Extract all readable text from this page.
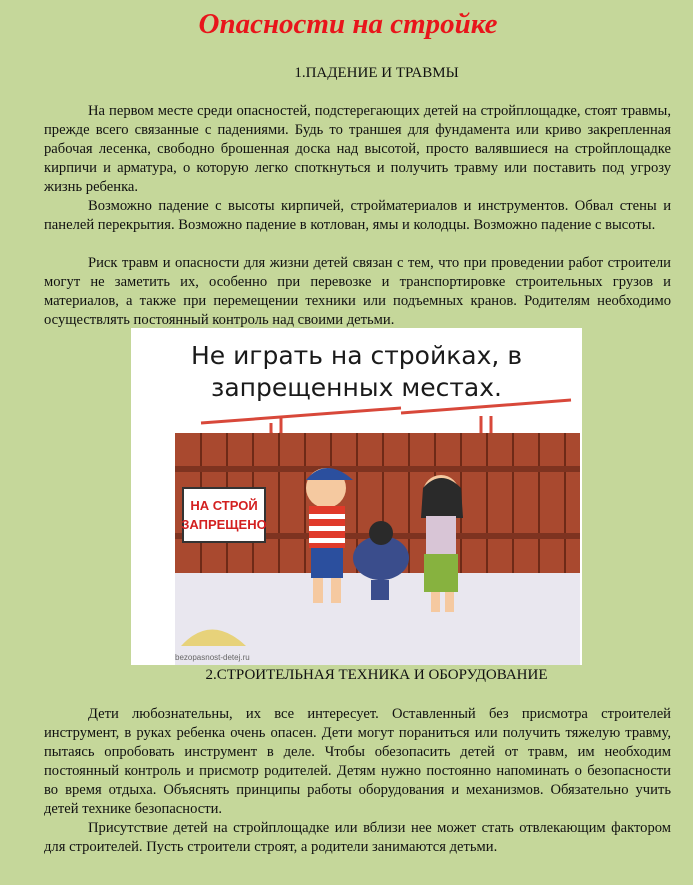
Опасности на стройке
1.ПАДЕНИЕ И ТРАВМЫ

На первом месте среди опасностей, подстерегающих детей на стройплощадке, стоят травмы, прежде всего связанные с падениями. Будь то траншея для фундамента или криво закрепленная рабочая лесенка, свободно брошенная доска над высотой, просто валявшиеся на стройплощадке кирпичи и арматура, о которую легко споткнуться и получить травму или поставить под угрозу жизнь ребенка.

Возможно падение с высоты кирпичей, стройматериалов и инструментов. Обвал стены и панелей перекрытия. Возможно падение в котлован, ямы и колодцы. Возможно падение с высоты.

Риск травм и опасности для жизни детей связан с тем, что при проведении работ строители могут не заметить их, особенно при перевозке и транспортировке строительных грузов и материалов, а также при перемещении техники или подъемных кранов. Родителям необходимо осуществлять постоянный контроль над своими детьми.

Не играть на стройках, в
запрещенных местах.
НА СТРОЙ
ЗАПРЕЩЕНО
bezopasnost-detej.ru
2.СТРОИТЕЛЬНАЯ ТЕХНИКА И ОБОРУДОВАНИЕ

Дети любознательны, их все интересует. Оставленный без присмотра строителей инструмент, в руках ребенка очень опасен. Дети могут пораниться или получить тяжелую травму, пытаясь опробовать инструмент в деле. Чтобы обезопасить детей от травм, им необходим постоянный контроль и присмотр родителей. Детям нужно постоянно напоминать о безопасности во время отдыха. Объяснять принципы работы оборудования и механизмов. Обязательно учить детей технике безопасности.

Присутствие детей на стройплощадке или вблизи нее может стать отвлекающим фактором для строителей. Пусть строители строят, а родители занимаются детьми.
